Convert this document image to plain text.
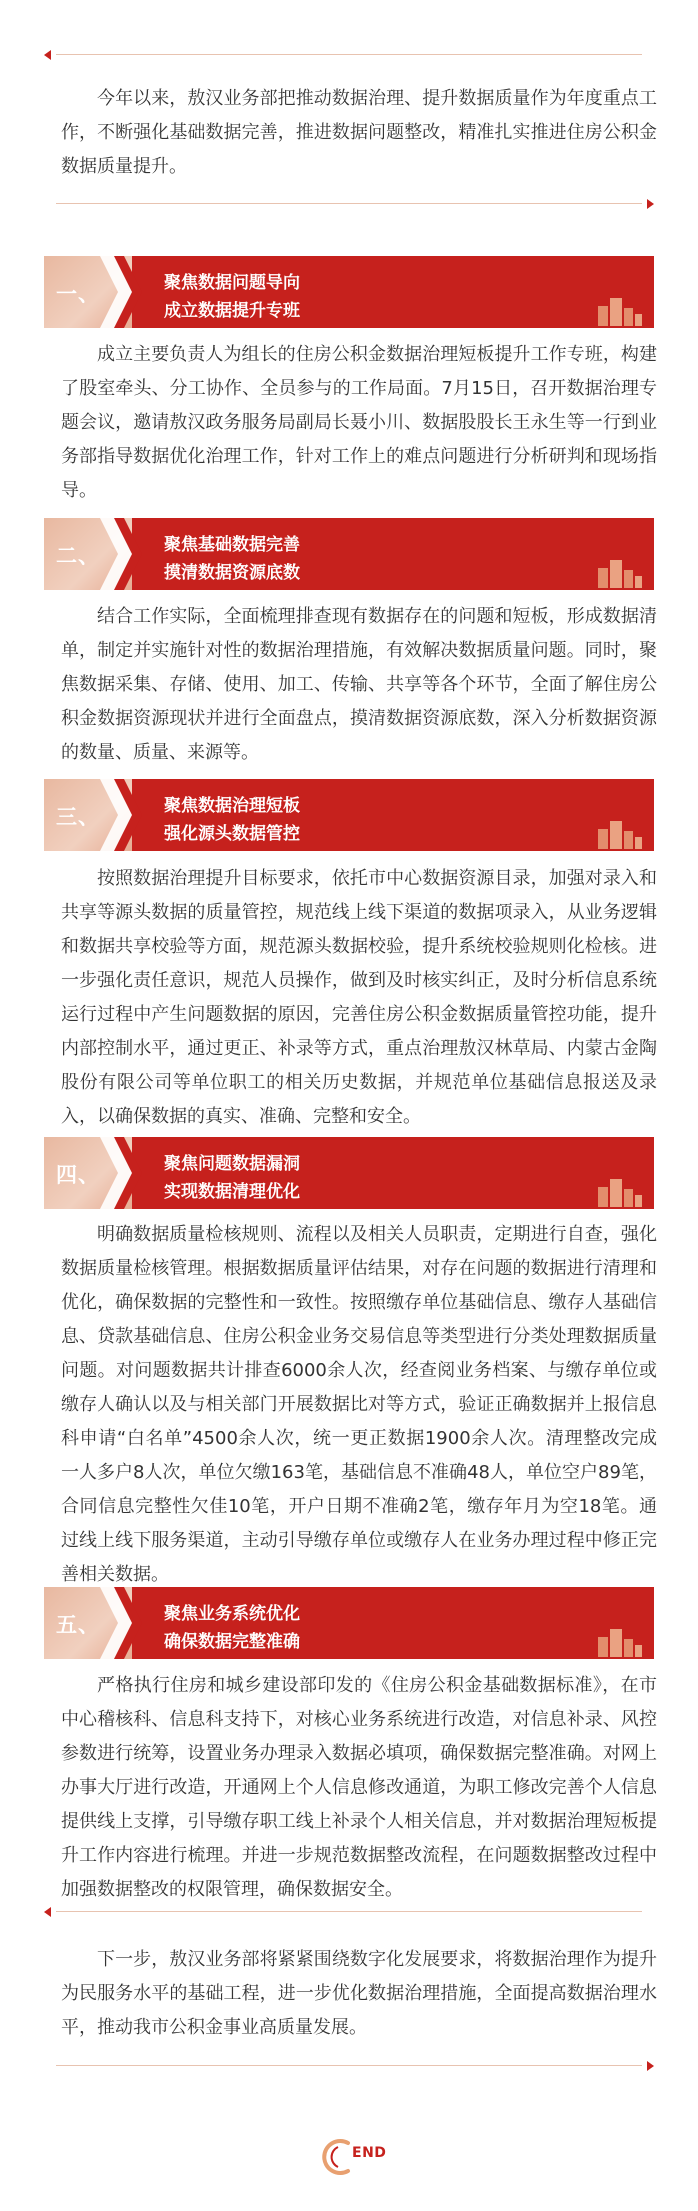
今年以来，敖汉业务部把推动数据治理、提升数据质量作为年度重点工作，不断强化基础数据完善，推进数据问题整改，精准扎实推进住房公积金数据质量提升。

一、	聚焦数据问题导向
成立数据提升专班

成立主要负责人为组长的住房公积金数据治理短板提升工作专班，构建了股室牵头、分工协作、全员参与的工作局面。7月15日，召开数据治理专题会议，邀请敖汉政务服务局副局长聂小川、数据股股长王永生等一行到业务部指导数据优化治理工作，针对工作上的难点问题进行分析研判和现场指导。

二、	聚焦基础数据完善
摸清数据资源底数

结合工作实际，全面梳理排查现有数据存在的问题和短板，形成数据清单，制定并实施针对性的数据治理措施，有效解决数据质量问题。同时，聚焦数据采集、存储、使用、加工、传输、共享等各个环节，全面了解住房公积金数据资源现状并进行全面盘点，摸清数据资源底数，深入分析数据资源的数量、质量、来源等。

三、	聚焦数据治理短板
强化源头数据管控

按照数据治理提升目标要求，依托市中心数据资源目录，加强对录入和共享等源头数据的质量管控，规范线上线下渠道的数据项录入，从业务逻辑和数据共享校验等方面，规范源头数据校验，提升系统校验规则化检核。进一步强化责任意识，规范人员操作，做到及时核实纠正，及时分析信息系统运行过程中产生问题数据的原因，完善住房公积金数据质量管控功能，提升内部控制水平，通过更正、补录等方式，重点治理敖汉林草局、内蒙古金陶股份有限公司等单位职工的相关历史数据，并规范单位基础信息报送及录入，以确保数据的真实、准确、完整和安全。

四、	聚焦问题数据漏洞
实现数据清理优化

明确数据质量检核规则、流程以及相关人员职责，定期进行自查，强化数据质量检核管理。根据数据质量评估结果，对存在问题的数据进行清理和优化，确保数据的完整性和一致性。按照缴存单位基础信息、缴存人基础信息、贷款基础信息、住房公积金业务交易信息等类型进行分类处理数据质量问题。对问题数据共计排查6000余人次，经查阅业务档案、与缴存单位或缴存人确认以及与相关部门开展数据比对等方式，验证正确数据并上报信息科申请“白名单”4500余人次，统一更正数据1900余人次。清理整改完成一人多户8人次，单位欠缴163笔，基础信息不准确48人，单位空户89笔，合同信息完整性欠佳10笔，开户日期不准确2笔，缴存年月为空18笔。通过线上线下服务渠道，主动引导缴存单位或缴存人在业务办理过程中修正完善相关数据。

五、	聚焦业务系统优化
确保数据完整准确

严格执行住房和城乡建设部印发的《住房公积金基础数据标准》，在市中心稽核科、信息科支持下，对核心业务系统进行改造，对信息补录、风控参数进行统筹，设置业务办理录入数据必填项，确保数据完整准确。对网上办事大厅进行改造，开通网上个人信息修改通道，为职工修改完善个人信息提供线上支撑，引导缴存职工线上补录个人相关信息，并对数据治理短板提升工作内容进行梳理。并进一步规范数据整改流程，在问题数据整改过程中加强数据整改的权限管理，确保数据安全。

下一步，敖汉业务部将紧紧围绕数字化发展要求，将数据治理作为提升为民服务水平的基础工程，进一步优化数据治理措施，全面提高数据治理水平，推动我市公积金事业高质量发展。

END
